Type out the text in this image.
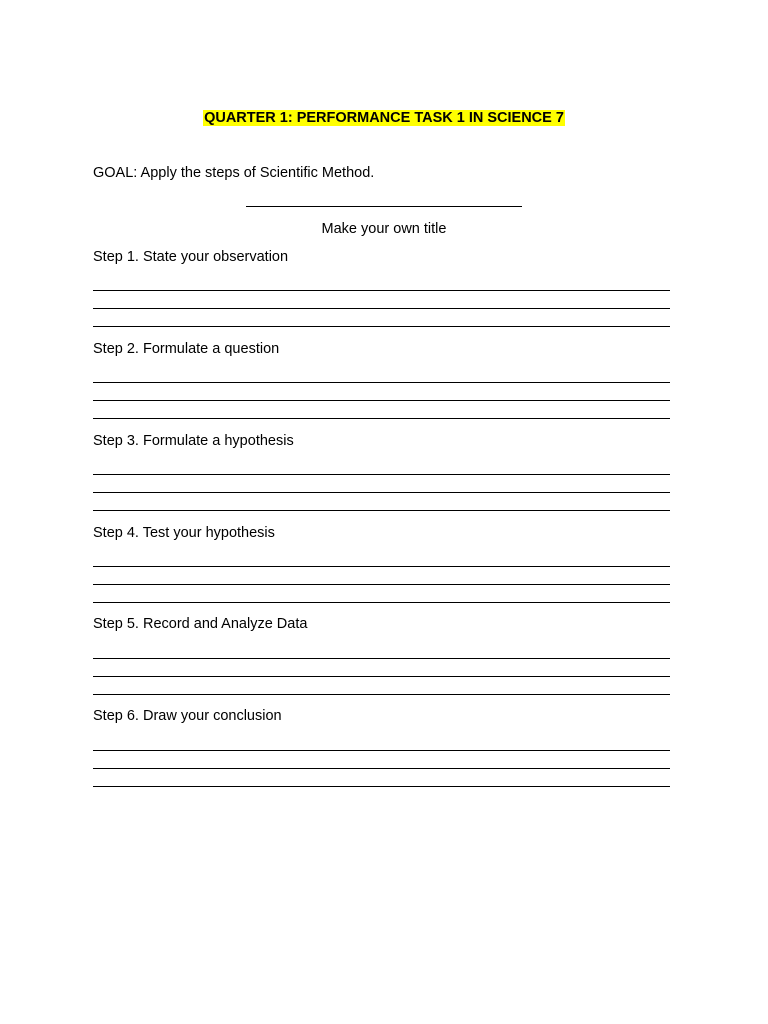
QUARTER 1: PERFORMANCE TASK 1 IN SCIENCE 7
GOAL: Apply the steps of Scientific Method.
Make your own title
Step 1. State your observation
Step 2. Formulate a question
Step 3. Formulate a hypothesis
Step 4. Test your hypothesis
Step 5. Record and Analyze Data
Step 6. Draw your conclusion
